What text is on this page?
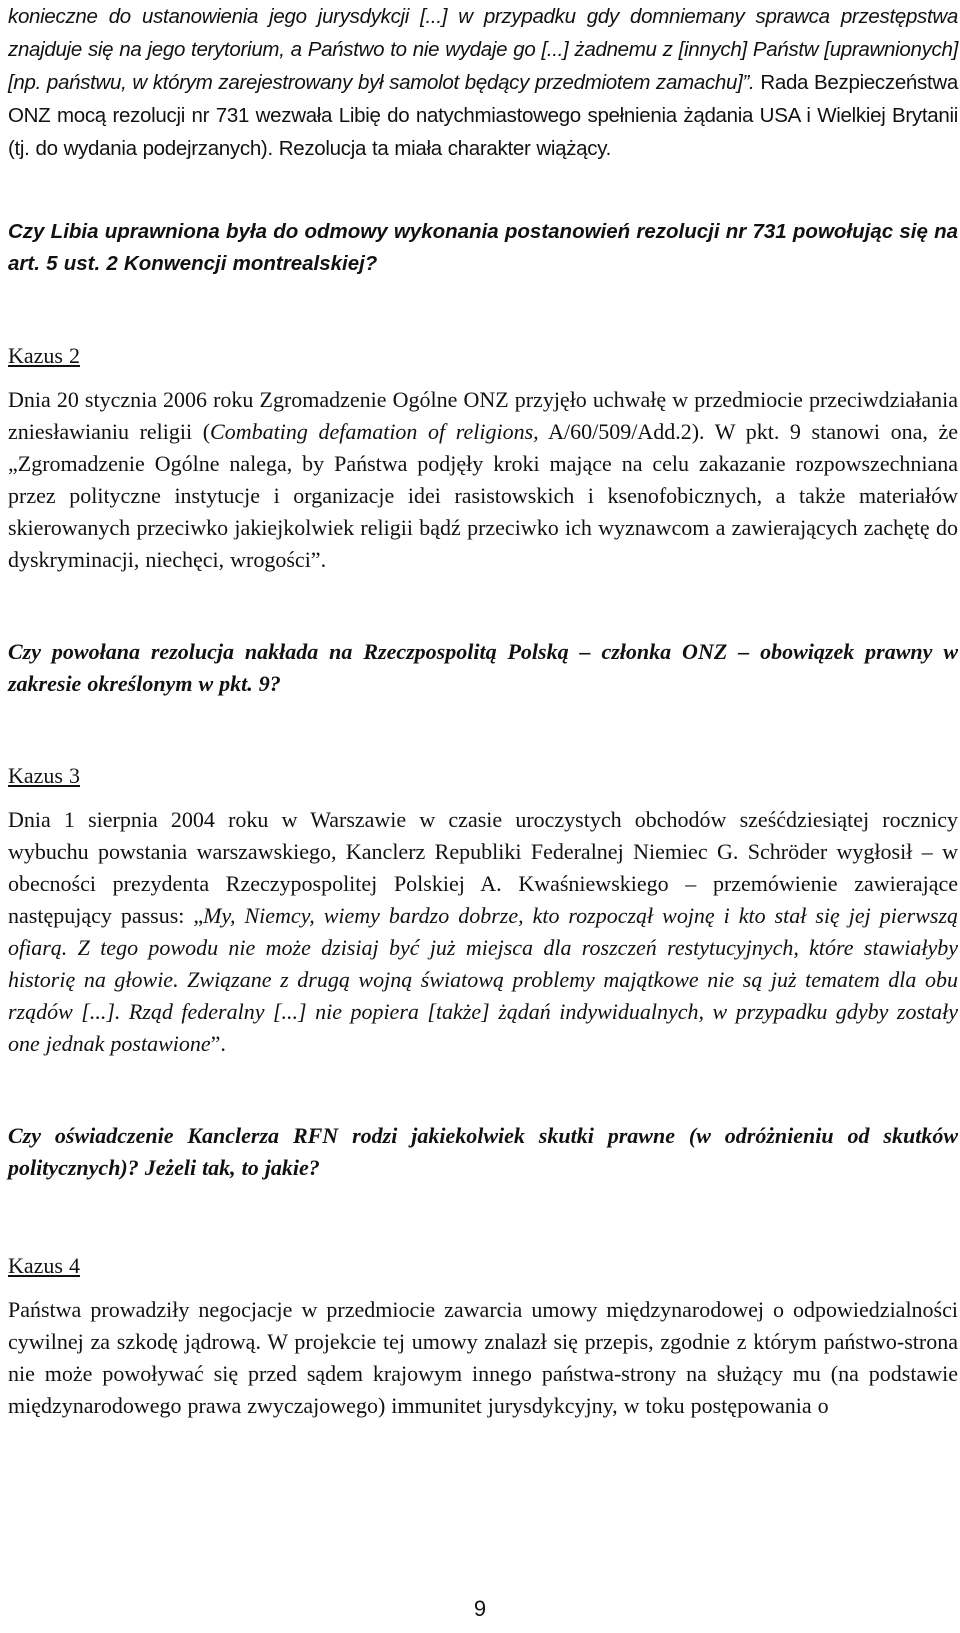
konieczne do ustanowienia jego jurysdykcji [...] w przypadku gdy domniemany sprawca przestępstwa znajduje się na jego terytorium, a Państwo to nie wydaje go [...] żadnemu z [innych] Państw [uprawnionych] [np. państwu, w którym zarejestrowany był samolot będący przedmiotem zamachu]”. Rada Bezpieczeństwa ONZ mocą rezolucji nr 731 wezwała Libię do natychmiastowego spełnienia żądania USA i Wielkiej Brytanii (tj. do wydania podejrzanych). Rezolucja ta miała charakter wiążący.

Czy Libia uprawniona była do odmowy wykonania postanowień rezolucji nr 731 powołując się na art. 5 ust. 2 Konwencji montrealskiej?

Kazus 2

Dnia 20 stycznia 2006 roku Zgromadzenie Ogólne ONZ przyjęło uchwałę w przedmiocie przeciwdziałania zniesławianiu religii (Combating defamation of religions, A/60/509/Add.2). W pkt. 9 stanowi ona, że „Zgromadzenie Ogólne nalega, by Państwa podjęły kroki mające na celu zakazanie rozpowszechniana przez polityczne instytucje i organizacje idei rasistowskich i ksenofobicznych, a także materiałów skierowanych przeciwko jakiejkolwiek religii bądź przeciwko ich wyznawcom a zawierających zachętę do dyskryminacji, niechęci, wrogości”.

Czy powołana rezolucja nakłada na Rzeczpospolitą Polską – członka ONZ – obowiązek prawny w zakresie określonym w pkt. 9?

Kazus 3

Dnia 1 sierpnia 2004 roku w Warszawie w czasie uroczystych obchodów sześćdziesiątej rocznicy wybuchu powstania warszawskiego, Kanclerz Republiki Federalnej Niemiec G. Schröder wygłosił – w obecności prezydenta Rzeczypospolitej Polskiej A. Kwaśniewskiego – przemówienie zawierające następujący passus: „My, Niemcy, wiemy bardzo dobrze, kto rozpoczął wojnę i kto stał się jej pierwszą ofiarą. Z tego powodu nie może dzisiaj być już miejsca dla roszczeń restytucyjnych, które stawiałyby historię na głowie. Związane z drugą wojną światową problemy majątkowe nie są już tematem dla obu rządów [...]. Rząd federalny [...] nie popiera [także] żądań indywidualnych, w przypadku gdyby zostały one jednak postawione”.

Czy oświadczenie Kanclerza RFN rodzi jakiekolwiek skutki prawne (w odróżnieniu od skutków politycznych)? Jeżeli tak, to jakie?

Kazus 4

Państwa prowadziły negocjacje w przedmiocie zawarcia umowy międzynarodowej o odpowiedzialności cywilnej za szkodę jądrową. W projekcie tej umowy znalazł się przepis, zgodnie z którym państwo-strona nie może powoływać się przed sądem krajowym innego państwa-strony na służący mu (na podstawie międzynarodowego prawa zwyczajowego) immunitet jurysdykcyjny, w toku postępowania o

9
